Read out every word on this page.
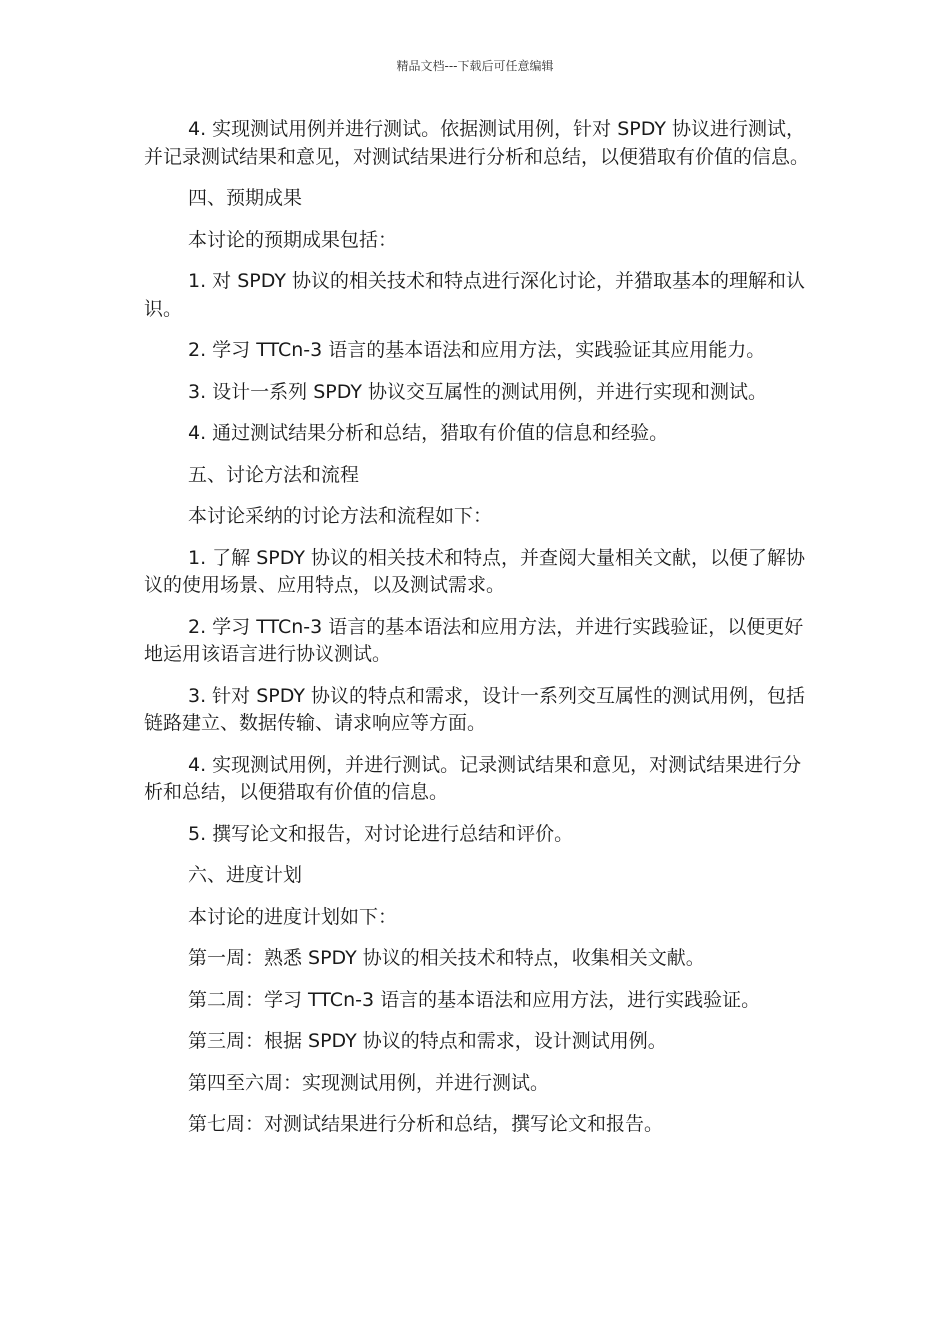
精品文档---下载后可任意编辑

4. 实现测试用例并进行测试。依据测试用例，针对 SPDY 协议进行测试，并记录测试结果和意见，对测试结果进行分析和总结，以便猎取有价值的信息。

四、预期成果

本讨论的预期成果包括：

1. 对 SPDY 协议的相关技术和特点进行深化讨论，并猎取基本的理解和认识。

2. 学习 TTCn-3 语言的基本语法和应用方法，实践验证其应用能力。

3. 设计一系列 SPDY 协议交互属性的测试用例，并进行实现和测试。

4. 通过测试结果分析和总结，猎取有价值的信息和经验。

五、讨论方法和流程

本讨论采纳的讨论方法和流程如下：

1. 了解 SPDY 协议的相关技术和特点，并查阅大量相关文献，以便了解协议的使用场景、应用特点，以及测试需求。

2. 学习 TTCn-3 语言的基本语法和应用方法，并进行实践验证，以便更好地运用该语言进行协议测试。

3. 针对 SPDY 协议的特点和需求，设计一系列交互属性的测试用例，包括链路建立、数据传输、请求响应等方面。

4. 实现测试用例，并进行测试。记录测试结果和意见，对测试结果进行分析和总结，以便猎取有价值的信息。

5. 撰写论文和报告，对讨论进行总结和评价。

六、进度计划

本讨论的进度计划如下：

第一周：熟悉 SPDY 协议的相关技术和特点，收集相关文献。

第二周：学习 TTCn-3 语言的基本语法和应用方法，进行实践验证。

第三周：根据 SPDY 协议的特点和需求，设计测试用例。

第四至六周：实现测试用例，并进行测试。

第七周：对测试结果进行分析和总结，撰写论文和报告。
